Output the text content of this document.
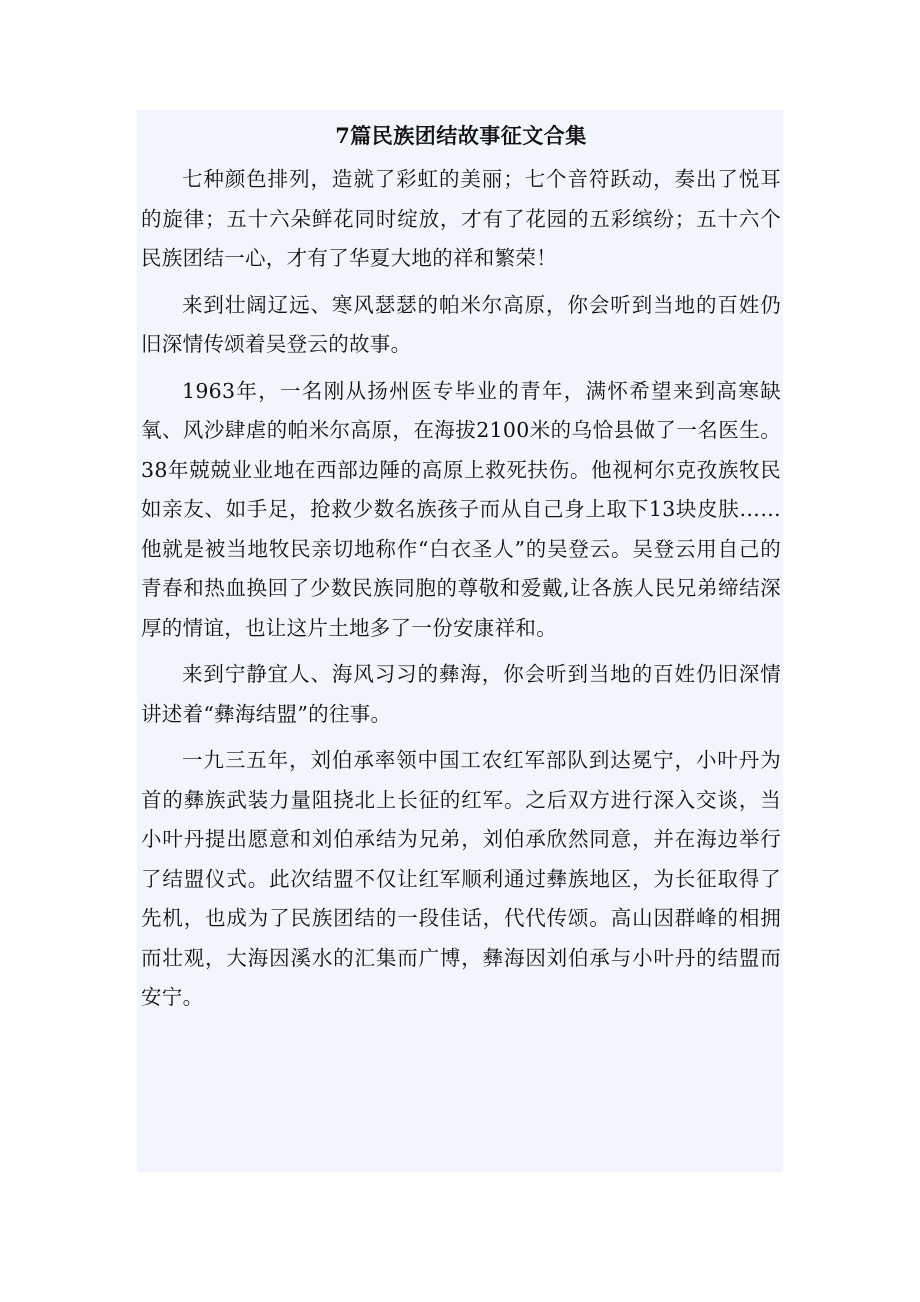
7篇民族团结故事征文合集

七种颜色排列，造就了彩虹的美丽；七个音符跃动，奏出了悦耳的旋律；五十六朵鲜花同时绽放，才有了花园的五彩缤纷；五十六个民族团结一心，才有了华夏大地的祥和繁荣！

来到壮阔辽远、寒风瑟瑟的帕米尔高原，你会听到当地的百姓仍旧深情传颂着吴登云的故事。

1963年，一名刚从扬州医专毕业的青年，满怀希望来到高寒缺氧、风沙肆虐的帕米尔高原，在海拔2100米的乌恰县做了一名医生。38年兢兢业业地在西部边陲的高原上救死扶伤。他视柯尔克孜族牧民如亲友、如手足，抢救少数名族孩子而从自己身上取下13块皮肤……他就是被当地牧民亲切地称作“白衣圣人”的吴登云。吴登云用自己的青春和热血换回了少数民族同胞的尊敬和爱戴,让各族人民兄弟缔结深厚的情谊，也让这片土地多了一份安康祥和。

来到宁静宜人、海风习习的彝海，你会听到当地的百姓仍旧深情讲述着“彝海结盟”的往事。

一九三五年，刘伯承率领中国工农红军部队到达冕宁，小叶丹为首的彝族武装力量阻挠北上长征的红军。之后双方进行深入交谈，当小叶丹提出愿意和刘伯承结为兄弟，刘伯承欣然同意，并在海边举行了结盟仪式。此次结盟不仅让红军顺利通过彝族地区，为长征取得了先机，也成为了民族团结的一段佳话，代代传颂。高山因群峰的相拥而壮观，大海因溪水的汇集而广博，彝海因刘伯承与小叶丹的结盟而安宁。
